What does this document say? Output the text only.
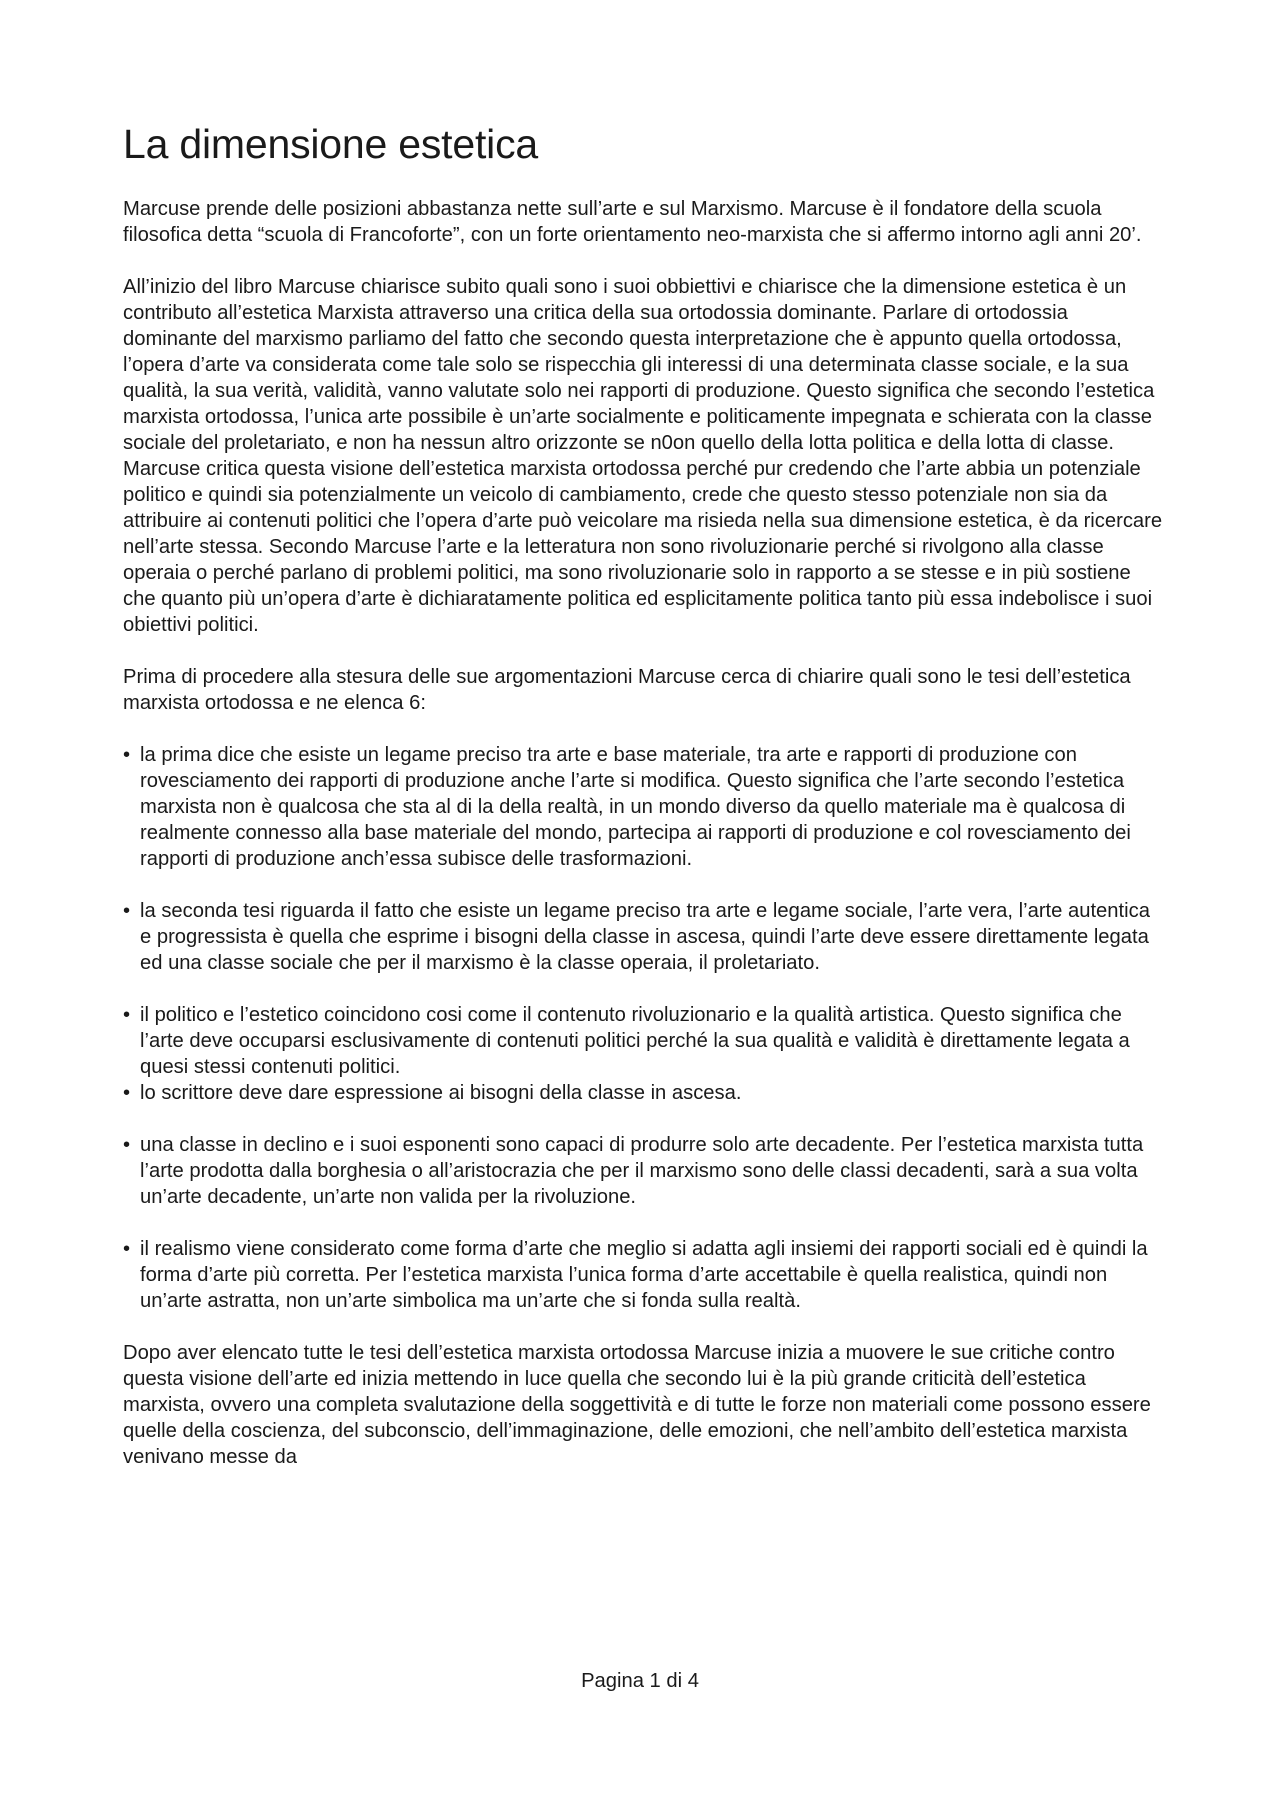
La dimensione estetica

Marcuse prende delle posizioni abbastanza nette sull’arte e sul Marxismo. Marcuse è il fondatore della scuola filosofica detta “scuola di Francoforte”, con un forte orientamento neo-marxista che si affermo intorno agli anni 20’.

All’inizio del libro Marcuse chiarisce subito quali sono i suoi obbiettivi e chiarisce che la dimensione estetica è un contributo all’estetica Marxista attraverso una critica della sua ortodossia dominante. Parlare di ortodossia dominante del marxismo parliamo del fatto che secondo questa interpretazione che è appunto quella ortodossa, l’opera d’arte va considerata come tale solo se rispecchia gli interessi di una determinata classe sociale, e la sua qualità, la sua verità, validità, vanno valutate solo nei rapporti di produzione. Questo significa che secondo l’estetica marxista ortodossa, l’unica arte possibile è un’arte socialmente e politicamente impegnata e schierata con la classe sociale del proletariato, e non ha nessun altro orizzonte se n0on quello della lotta politica e della lotta di classe. Marcuse critica questa visione dell’estetica marxista ortodossa perché pur credendo che l’arte abbia un potenziale politico e quindi sia potenzialmente un veicolo di cambiamento, crede che questo stesso potenziale non sia da attribuire ai contenuti politici che l’opera d’arte può veicolare ma risieda nella sua dimensione estetica, è da ricercare nell’arte stessa. Secondo Marcuse l’arte e la letteratura non sono rivoluzionarie perché si rivolgono alla classe operaia o perché parlano di problemi politici, ma sono rivoluzionarie solo in rapporto a se stesse e in più sostiene che quanto più un’opera d’arte è dichiaratamente politica ed esplicitamente politica tanto più essa indebolisce i suoi obiettivi politici.

Prima di procedere alla stesura delle sue argomentazioni Marcuse cerca di chiarire quali sono le tesi dell’estetica marxista ortodossa e ne elenca 6:

• la prima dice che esiste un legame preciso tra arte e base materiale, tra arte e rapporti di produzione con rovesciamento dei rapporti di produzione anche l’arte si modifica. Questo significa che l’arte secondo l’estetica marxista non è qualcosa che sta al di la della realtà, in un mondo diverso da quello materiale ma è qualcosa di realmente connesso alla base materiale del mondo, partecipa ai rapporti di produzione e col rovesciamento dei rapporti di produzione anch’essa subisce delle trasformazioni.
• la seconda tesi riguarda il fatto che esiste un legame preciso tra arte e legame sociale, l’arte vera, l’arte autentica e progressista è quella che esprime i bisogni della classe in ascesa, quindi l’arte deve essere direttamente legata ed una classe sociale che per il marxismo è la classe operaia, il proletariato.
• il politico e l’estetico coincidono cosi come il contenuto rivoluzionario e la qualità artistica. Questo significa che l’arte deve occuparsi esclusivamente di contenuti politici perché la sua qualità e validità è direttamente legata a quesi stessi contenuti politici.
• lo scrittore deve dare espressione ai bisogni della classe in ascesa.
• una classe in declino e i suoi esponenti sono capaci di produrre solo arte decadente. Per l’estetica marxista tutta l’arte prodotta dalla borghesia o all’aristocrazia che per il marxismo sono delle classi decadenti, sarà a sua volta un’arte decadente, un’arte non valida per la rivoluzione.
• il realismo viene considerato come forma d’arte che meglio si adatta agli insiemi dei rapporti sociali ed è quindi la forma d’arte più corretta. Per l’estetica marxista l’unica forma d’arte accettabile è quella realistica, quindi non un’arte astratta, non un’arte simbolica ma un’arte che si fonda sulla realtà.

Dopo aver elencato tutte le tesi dell’estetica marxista ortodossa Marcuse inizia a muovere le sue critiche contro questa visione dell’arte ed inizia mettendo in luce quella che secondo lui è la più grande criticità dell’estetica marxista, ovvero una completa svalutazione della soggettività e di tutte le forze non materiali come possono essere quelle della coscienza, del subconscio, dell’immaginazione, delle emozioni, che nell’ambito dell’estetica marxista venivano messe da

Pagina 1 di 4
